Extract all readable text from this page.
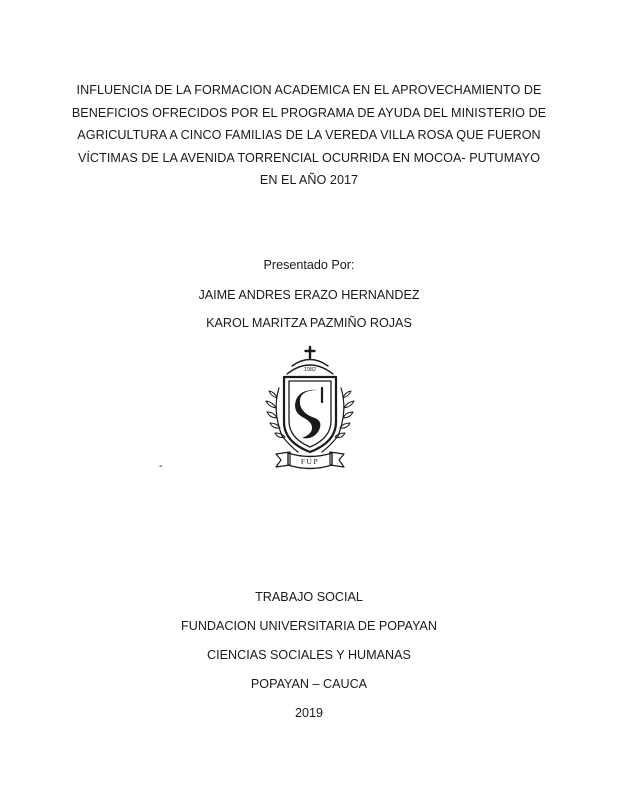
INFLUENCIA DE LA FORMACION ACADEMICA EN EL APROVECHAMIENTO DE
BENEFICIOS OFRECIDOS POR EL PROGRAMA DE AYUDA DEL MINISTERIO DE
AGRICULTURA A CINCO FAMILIAS DE LA VEREDA VILLA ROSA QUE FUERON
VÍCTIMAS DE LA AVENIDA TORRENCIAL OCURRIDA EN MOCOA- PUTUMAYO
EN EL AÑO 2017
Presentado Por:
JAIME ANDRES ERAZO HERNANDEZ
KAROL MARITZA PAZMIÑO ROJAS
1982
FUP
-
TRABAJO SOCIAL
FUNDACION UNIVERSITARIA DE POPAYAN
CIENCIAS SOCIALES Y HUMANAS
POPAYAN – CAUCA
2019
